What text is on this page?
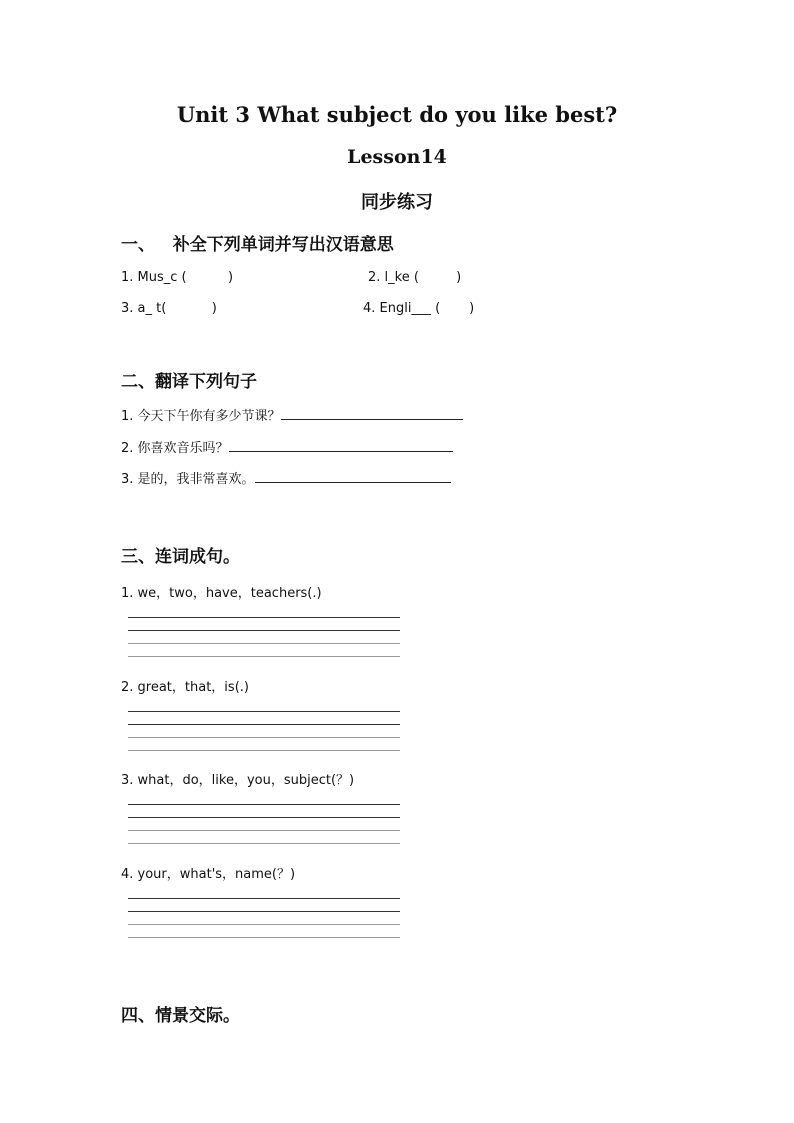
Unit 3 What subject do you like best?
Lesson14
同步练习
一、   补全下列单词并写出汉语意思
1. Mus_c (          )	2. l_ke (         )
3. a_ t(           )	4. Engli___ (       )
二、翻译下列句子
1. 今天下午你有多少节课？
2. 你喜欢音乐吗？
3. 是的，我非常喜欢。
三、连词成句。
1. we，two，have，teachers(.)
2. great，that，is(.)
3. what，do，like，you，subject(？)
4. your，what's，name(？)
四、情景交际。
